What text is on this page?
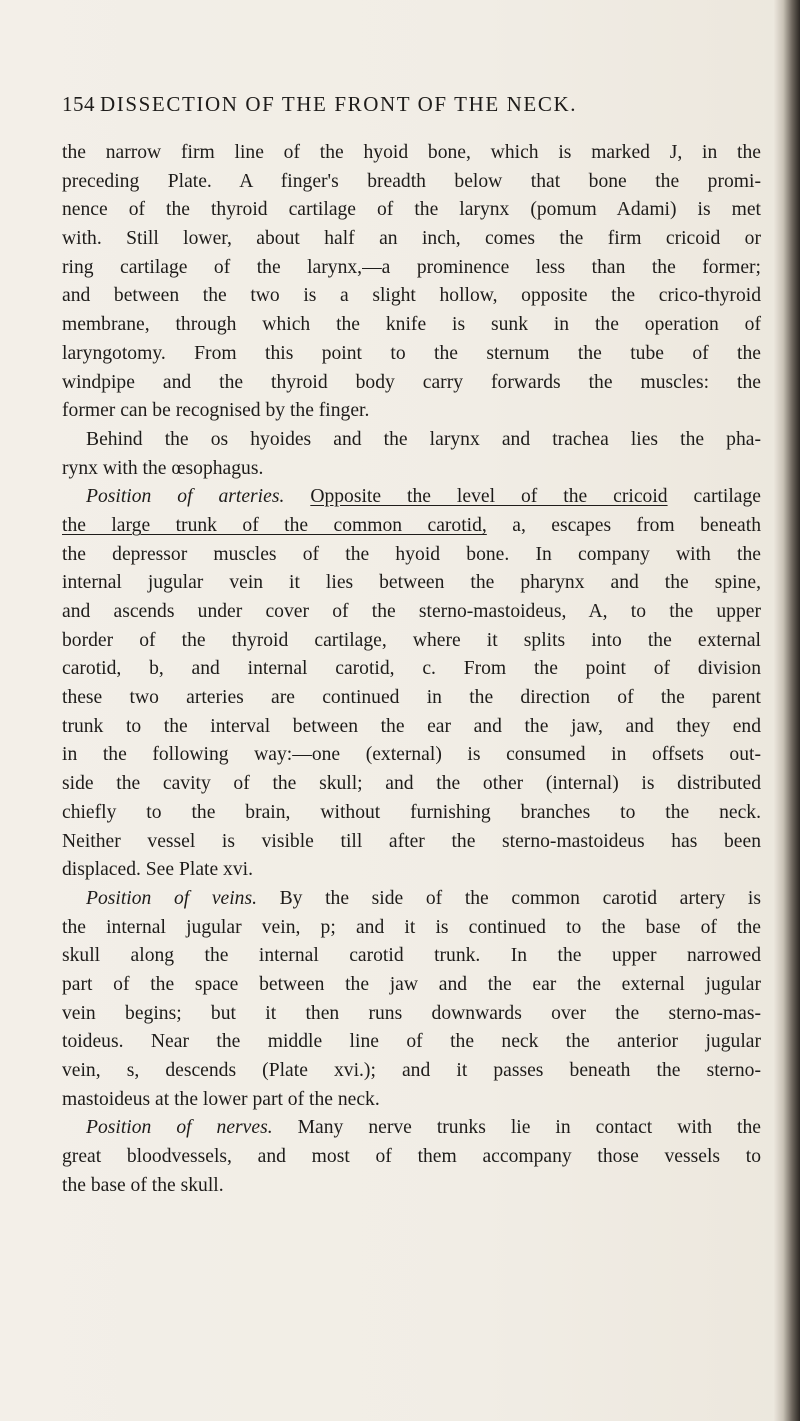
154 DISSECTION OF THE FRONT OF THE NECK.
the narrow firm line of the hyoid bone, which is marked J, in the
preceding Plate. A finger's breadth below that bone the promi-
nence of the thyroid cartilage of the larynx (pomum Adami) is met
with. Still lower, about half an inch, comes the firm cricoid or
ring cartilage of the larynx,—a prominence less than the former;
and between the two is a slight hollow, opposite the crico-thyroid
membrane, through which the knife is sunk in the operation of
laryngotomy. From this point to the sternum the tube of the
windpipe and the thyroid body carry forwards the muscles: the
former can be recognised by the finger.
Behind the os hyoides and the larynx and trachea lies the pha-
rynx with the œsophagus.
Position of arteries. Opposite the level of the cricoid cartilage
the large trunk of the common carotid, a, escapes from beneath
the depressor muscles of the hyoid bone. In company with the
internal jugular vein it lies between the pharynx and the spine,
and ascends under cover of the sterno-mastoideus, A, to the upper
border of the thyroid cartilage, where it splits into the external
carotid, b, and internal carotid, c. From the point of division
these two arteries are continued in the direction of the parent
trunk to the interval between the ear and the jaw, and they end
in the following way:—one (external) is consumed in offsets out-
side the cavity of the skull; and the other (internal) is distributed
chiefly to the brain, without furnishing branches to the neck.
Neither vessel is visible till after the sterno-mastoideus has been
displaced. See Plate xvi.
Position of veins. By the side of the common carotid artery is
the internal jugular vein, p; and it is continued to the base of the
skull along the internal carotid trunk. In the upper narrowed
part of the space between the jaw and the ear the external jugular
vein begins; but it then runs downwards over the sterno-mas-
toideus. Near the middle line of the neck the anterior jugular
vein, s, descends (Plate xvi.); and it passes beneath the sterno-
mastoideus at the lower part of the neck.
Position of nerves. Many nerve trunks lie in contact with the
great bloodvessels, and most of them accompany those vessels to
the base of the skull.
